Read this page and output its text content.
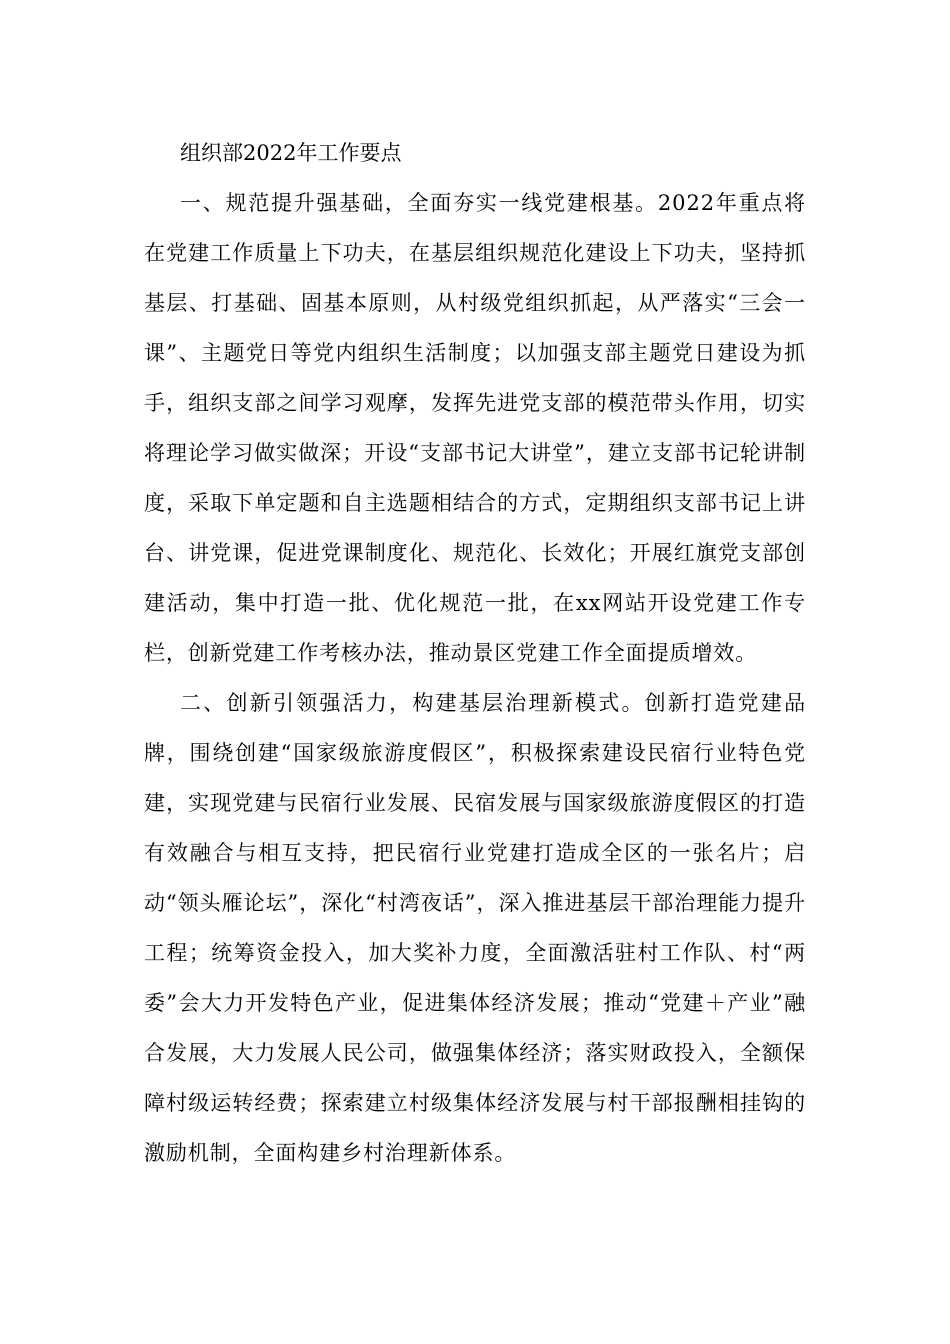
组织部2022年工作要点

一、规范提升强基础，全面夯实一线党建根基。2022年重点将在党建工作质量上下功夫，在基层组织规范化建设上下功夫，坚持抓基层、打基础、固基本原则，从村级党组织抓起，从严落实“三会一课”、主题党日等党内组织生活制度；以加强支部主题党日建设为抓手，组织支部之间学习观摩，发挥先进党支部的模范带头作用，切实将理论学习做实做深；开设“支部书记大讲堂”，建立支部书记轮讲制度，采取下单定题和自主选题相结合的方式，定期组织支部书记上讲台、讲党课，促进党课制度化、规范化、长效化；开展红旗党支部创建活动，集中打造一批、优化规范一批，在xx网站开设党建工作专栏，创新党建工作考核办法，推动景区党建工作全面提质增效。

二、创新引领强活力，构建基层治理新模式。创新打造党建品牌，围绕创建“国家级旅游度假区”，积极探索建设民宿行业特色党建，实现党建与民宿行业发展、民宿发展与国家级旅游度假区的打造有效融合与相互支持，把民宿行业党建打造成全区的一张名片；启动“领头雁论坛”，深化“村湾夜话”，深入推进基层干部治理能力提升工程；统筹资金投入，加大奖补力度，全面激活驻村工作队、村“两委”会大力开发特色产业，促进集体经济发展；推动“党建＋产业”融合发展，大力发展人民公司，做强集体经济；落实财政投入，全额保障村级运转经费；探索建立村级集体经济发展与村干部报酬相挂钩的激励机制，全面构建乡村治理新体系。
